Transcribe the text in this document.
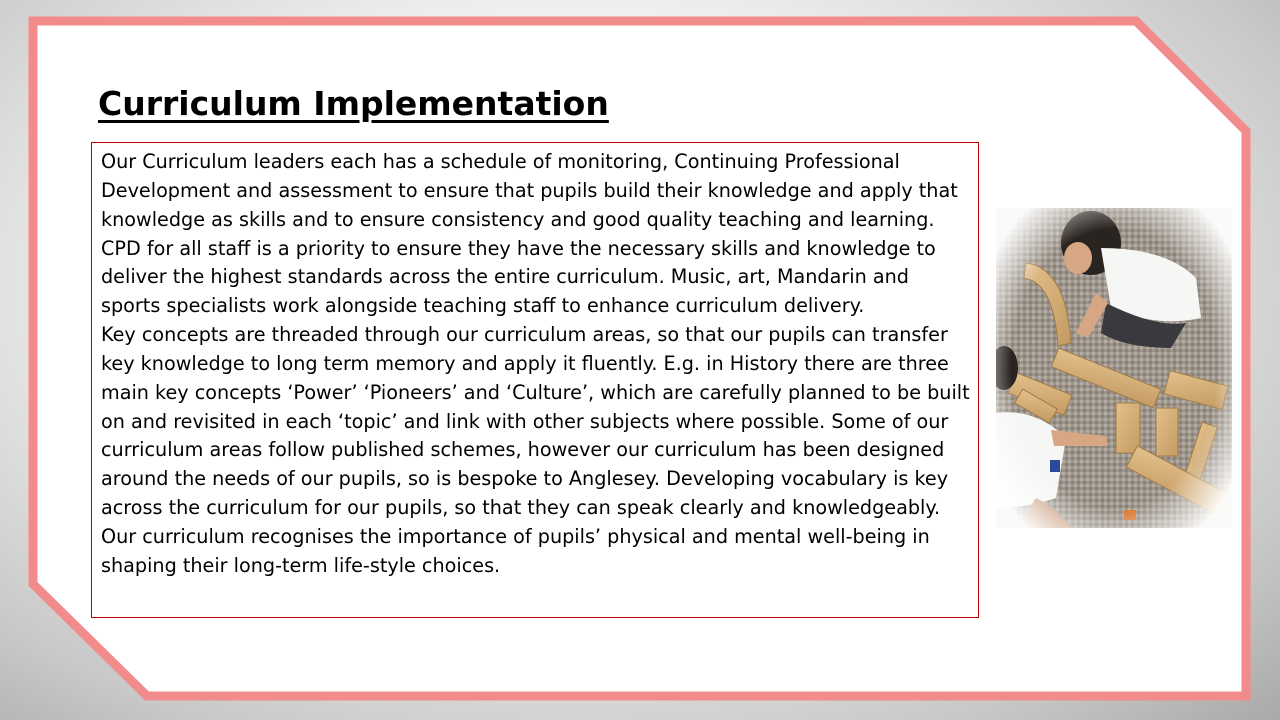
Curriculum Implementation

Our Curriculum leaders each has a schedule of monitoring, Continuing Professional Development and assessment to ensure that pupils build their knowledge and apply that knowledge as skills and to ensure consistency and good quality teaching and learning.

CPD for all staff is a priority to ensure they have the necessary skills and knowledge to deliver the highest standards across the entire curriculum. Music, art, Mandarin and sports specialists work alongside teaching staff to enhance curriculum delivery.

Key concepts are threaded through our curriculum areas, so that our pupils can transfer key knowledge to long term memory and apply it fluently. E.g. in History there are three main key concepts ‘Power’ ‘Pioneers’ and ‘Culture’, which are carefully planned to be built on and revisited in each ‘topic’ and link with other subjects where possible. Some of our curriculum areas follow published schemes, however our curriculum has been designed around the needs of our pupils, so is bespoke to Anglesey. Developing vocabulary is key across the curriculum for our pupils, so that they can speak clearly and knowledgeably.

Our curriculum recognises the importance of pupils’ physical and mental well-being in shaping their long-term life-style choices.
